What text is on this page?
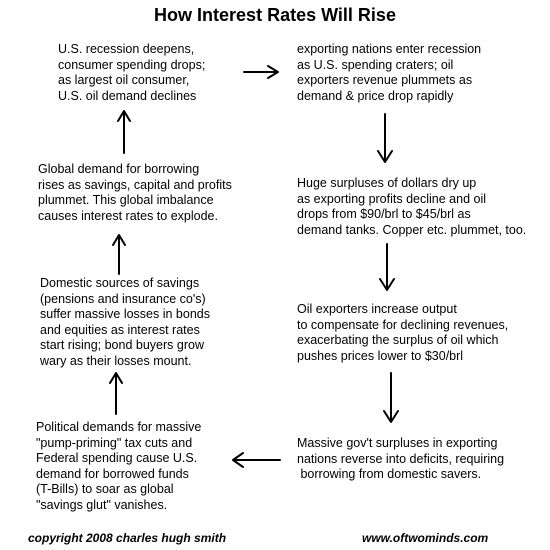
How Interest Rates Will Rise
U.S. recession deepens,
consumer spending drops;
as largest oil consumer,
U.S. oil demand declines
exporting nations enter recession
as U.S. spending craters; oil
exporters revenue plummets as
demand & price drop rapidly
Huge surpluses of dollars dry up
as exporting profits decline and oil
drops from $90/brl to $45/brl as
demand tanks. Copper etc. plummet, too.
Oil exporters increase output
to compensate for declining revenues,
exacerbating the surplus of oil which
pushes prices lower to $30/brl
Massive gov't surpluses in exporting
nations reverse into deficits, requiring
borrowing from domestic savers.
Political demands for massive
"pump-priming" tax cuts and
Federal spending cause U.S.
demand for borrowed funds
(T-Bills) to soar as global
"savings glut" vanishes.
Domestic sources of savings
(pensions and insurance co's)
suffer massive losses in bonds
and equities as interest rates
start rising; bond buyers grow
wary as their losses mount.
Global demand for borrowing
rises as savings, capital and profits
plummet. This global imbalance
causes interest rates to explode.
copyright 2008 charles hugh smith	www.oftwominds.com
